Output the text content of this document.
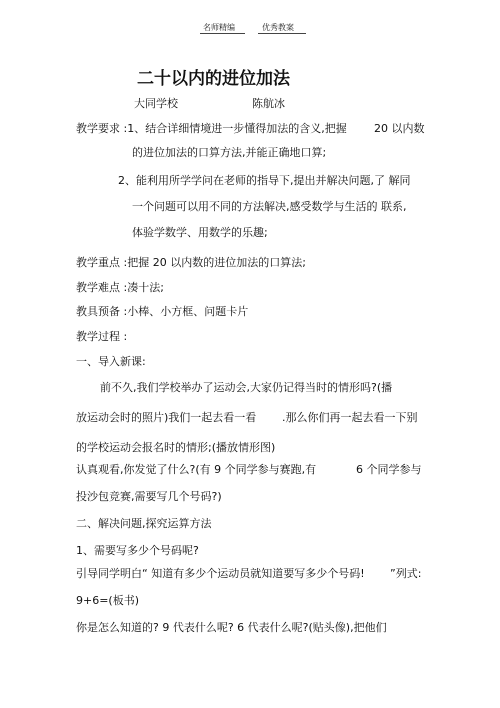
名师精编	优秀教案
二十以内的进位加法
大同学校	陈航冰
教学要求 :1、结合详细情境进一步懂得加法的含义,把握 20 以内数
的进位加法的口算方法,并能正确地口算;
2、能利用所学学问在老师的指导下,提出并解决问题,了 解同
一个问题可以用不同的方法解决,感受数学与生活的 联系,
体验学数学、用数学的乐趣;
教学重点 :把握 20 以内数的进位加法的口算法;
教学难点 :凑十法;
教具预备 :小棒、小方框、问题卡片
教学过程 :
一、导入新课:
前不久,我们学校举办了运动会,大家仍记得当时的情形吗?(播
放运动会时的照片)我们一起去看一看 .那么你们再一起去看一下别
的学校运动会报名时的情形;(播放情形图)
认真观看,你发觉了什么?(有 9 个同学参与赛跑,有	6 个同学参与
投沙包竞赛,需要写几个号码?)
二、解决问题,探究运算方法
1、需要写多少个号码呢?
引导同学明白“ 知道有多少个运动员就知道要写多少个号码! ”列式:
9+6=(板书)
你是怎么知道的? 9 代表什么呢? 6 代表什么呢?(贴头像),把他们
